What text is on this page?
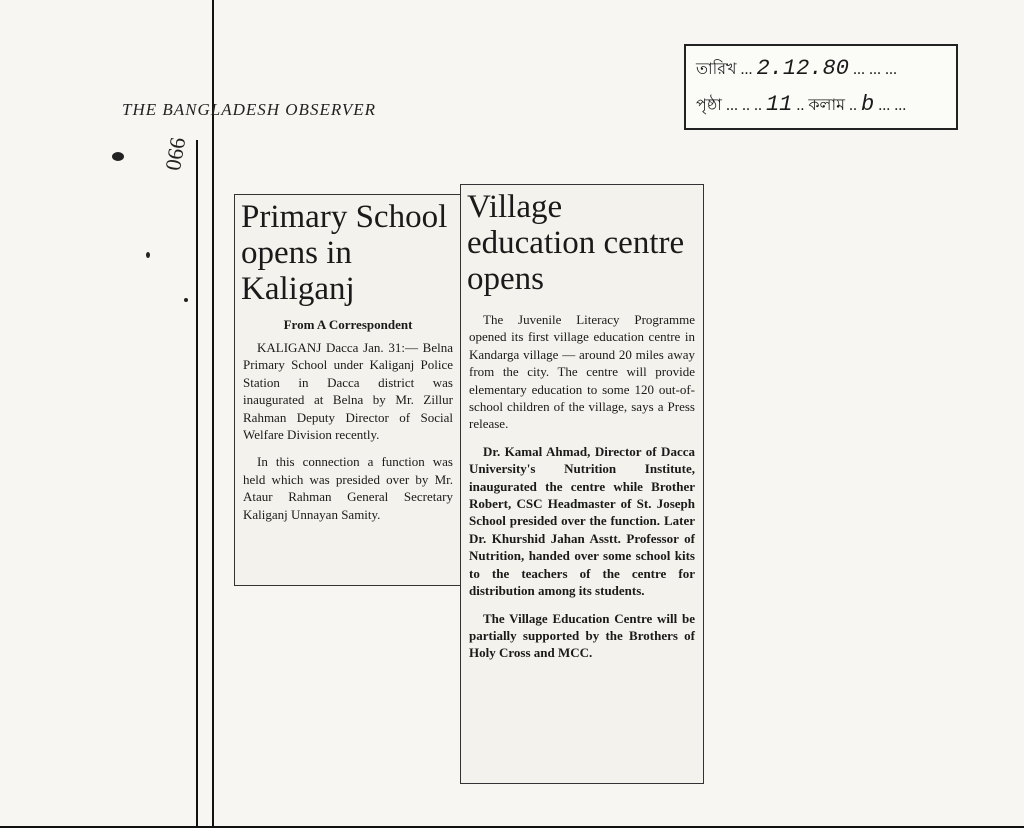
THE BANGLADESH OBSERVER
066
তারিখ ... 2.12.80 ... ... ...
পৃষ্ঠা ... .. .. 11 .. কলাম .. b ... ...
Primary School opens in Kaliganj
From A Correspondent

KALIGANJ Dacca Jan. 31:— Belna Primary School under Kaliganj Police Station in Dacca district was inaugurated at Belna by Mr. Zillur Rahman Deputy Director of Social Welfare Division recently.

In this connection a function was held which was presided over by Mr. Ataur Rahman General Secretary Kaliganj Unnayan Samity.

Village education centre opens

The Juvenile Literacy Programme opened its first village education centre in Kandarga village — around 20 miles away from the city. The centre will provide elementary education to some 120 out-of-school children of the village, says a Press release.

Dr. Kamal Ahmad, Director of Dacca University's Nutrition Institute, inaugurated the centre while Brother Robert, CSC Headmaster of St. Joseph School presided over the function. Later Dr. Khurshid Jahan Asstt. Professor of Nutrition, handed over some school kits to the teachers of the centre for distribution among its students.

The Village Education Centre will be partially supported by the Brothers of Holy Cross and MCC.
